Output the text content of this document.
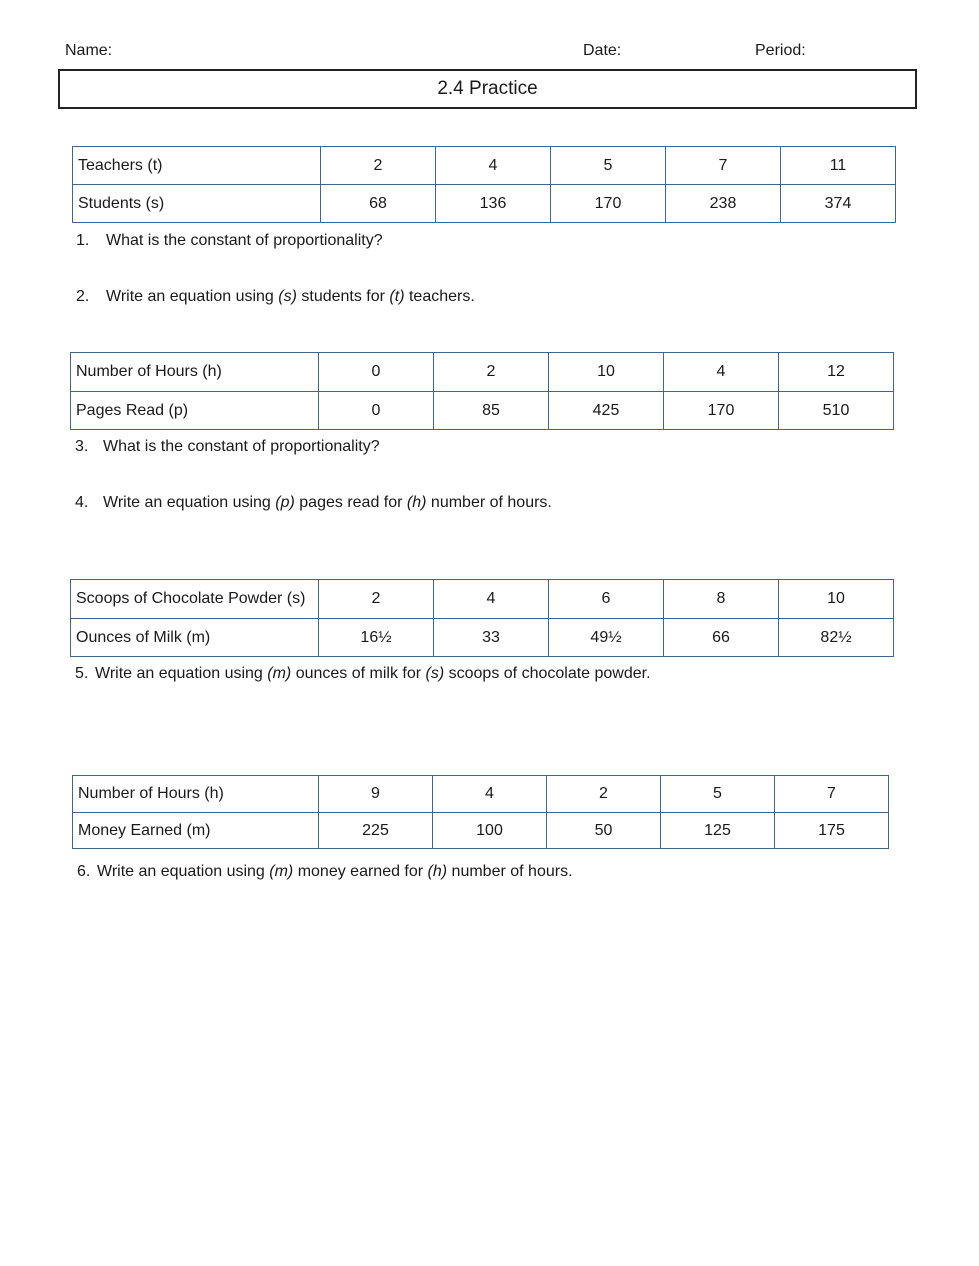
Name:	Date:	Period:
2.4 Practice
Teachers (t)	2	4	5	7	11
Students (s)	68	136	170	238	374
1. What is the constant of proportionality?
2. Write an equation using (s) students for (t) teachers.
Number of Hours (h)	0	2	10	4	12
Pages Read (p)	0	85	425	170	510
3. What is the constant of proportionality?
4. Write an equation using (p) pages read for (h) number of hours.
Scoops of Chocolate Powder (s)	2	4	6	8	10
Ounces of Milk (m)	16½	33	49½	66	82½
5. Write an equation using (m) ounces of milk for (s) scoops of chocolate powder.
Number of Hours (h)	9	4	2	5	7
Money Earned (m)	225	100	50	125	175
6. Write an equation using (m) money earned for (h) number of hours.
